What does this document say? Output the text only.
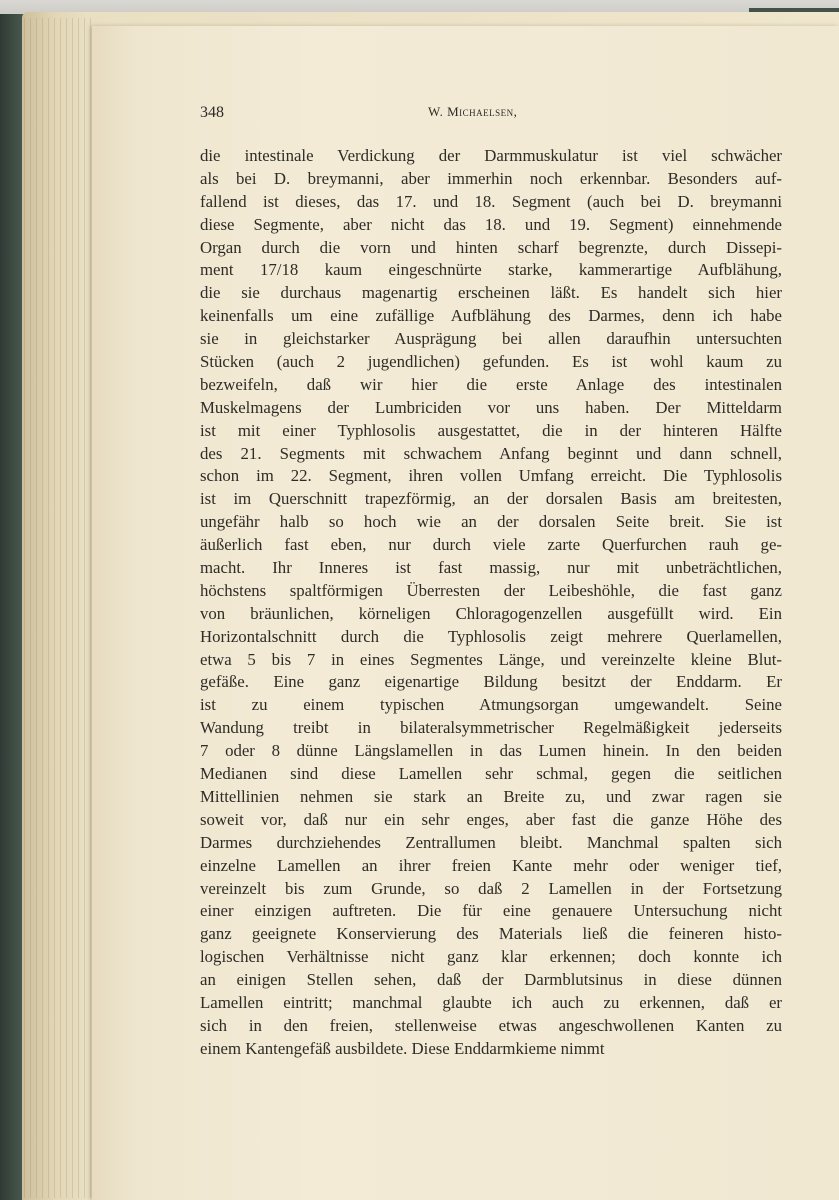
348	W. Michaelsen,
die intestinale Verdickung der Darmmuskulatur ist viel schwächer
als bei D. breymanni, aber immerhin noch erkennbar. Besonders auf-
fallend ist dieses, das 17. und 18. Segment (auch bei D. breymanni
diese Segmente, aber nicht das 18. und 19. Segment) einnehmende
Organ durch die vorn und hinten scharf begrenzte, durch Dissepi-
ment 17/18 kaum eingeschnürte starke, kammerartige Aufblähung,
die sie durchaus magenartig erscheinen läßt. Es handelt sich hier
keinenfalls um eine zufällige Aufblähung des Darmes, denn ich habe
sie in gleichstarker Ausprägung bei allen daraufhin untersuchten
Stücken (auch 2 jugendlichen) gefunden. Es ist wohl kaum zu
bezweifeln, daß wir hier die erste Anlage des intestinalen
Muskelmagens der Lumbriciden vor uns haben. Der Mitteldarm
ist mit einer Typhlosolis ausgestattet, die in der hinteren Hälfte
des 21. Segments mit schwachem Anfang beginnt und dann schnell,
schon im 22. Segment, ihren vollen Umfang erreicht. Die Typhlosolis
ist im Querschnitt trapezförmig, an der dorsalen Basis am breitesten,
ungefähr halb so hoch wie an der dorsalen Seite breit. Sie ist
äußerlich fast eben, nur durch viele zarte Querfurchen rauh ge-
macht. Ihr Inneres ist fast massig, nur mit unbeträchtlichen,
höchstens spaltförmigen Überresten der Leibeshöhle, die fast ganz
von bräunlichen, körneligen Chloragogenzellen ausgefüllt wird. Ein
Horizontalschnitt durch die Typhlosolis zeigt mehrere Querlamellen,
etwa 5 bis 7 in eines Segmentes Länge, und vereinzelte kleine Blut-
gefäße. Eine ganz eigenartige Bildung besitzt der Enddarm. Er
ist zu einem typischen Atmungsorgan umgewandelt. Seine
Wandung treibt in bilateralsymmetrischer Regelmäßigkeit jederseits
7 oder 8 dünne Längslamellen in das Lumen hinein. In den beiden
Medianen sind diese Lamellen sehr schmal, gegen die seitlichen
Mittellinien nehmen sie stark an Breite zu, und zwar ragen sie
soweit vor, daß nur ein sehr enges, aber fast die ganze Höhe des
Darmes durchziehendes Zentrallumen bleibt. Manchmal spalten sich
einzelne Lamellen an ihrer freien Kante mehr oder weniger tief,
vereinzelt bis zum Grunde, so daß 2 Lamellen in der Fortsetzung
einer einzigen auftreten. Die für eine genauere Untersuchung nicht
ganz geeignete Konservierung des Materials ließ die feineren histo-
logischen Verhältnisse nicht ganz klar erkennen; doch konnte ich
an einigen Stellen sehen, daß der Darmblutsinus in diese dünnen
Lamellen eintritt; manchmal glaubte ich auch zu erkennen, daß er
sich in den freien, stellenweise etwas angeschwollenen Kanten zu
einem Kantengefäß ausbildete. Diese Enddarmkieme nimmt
